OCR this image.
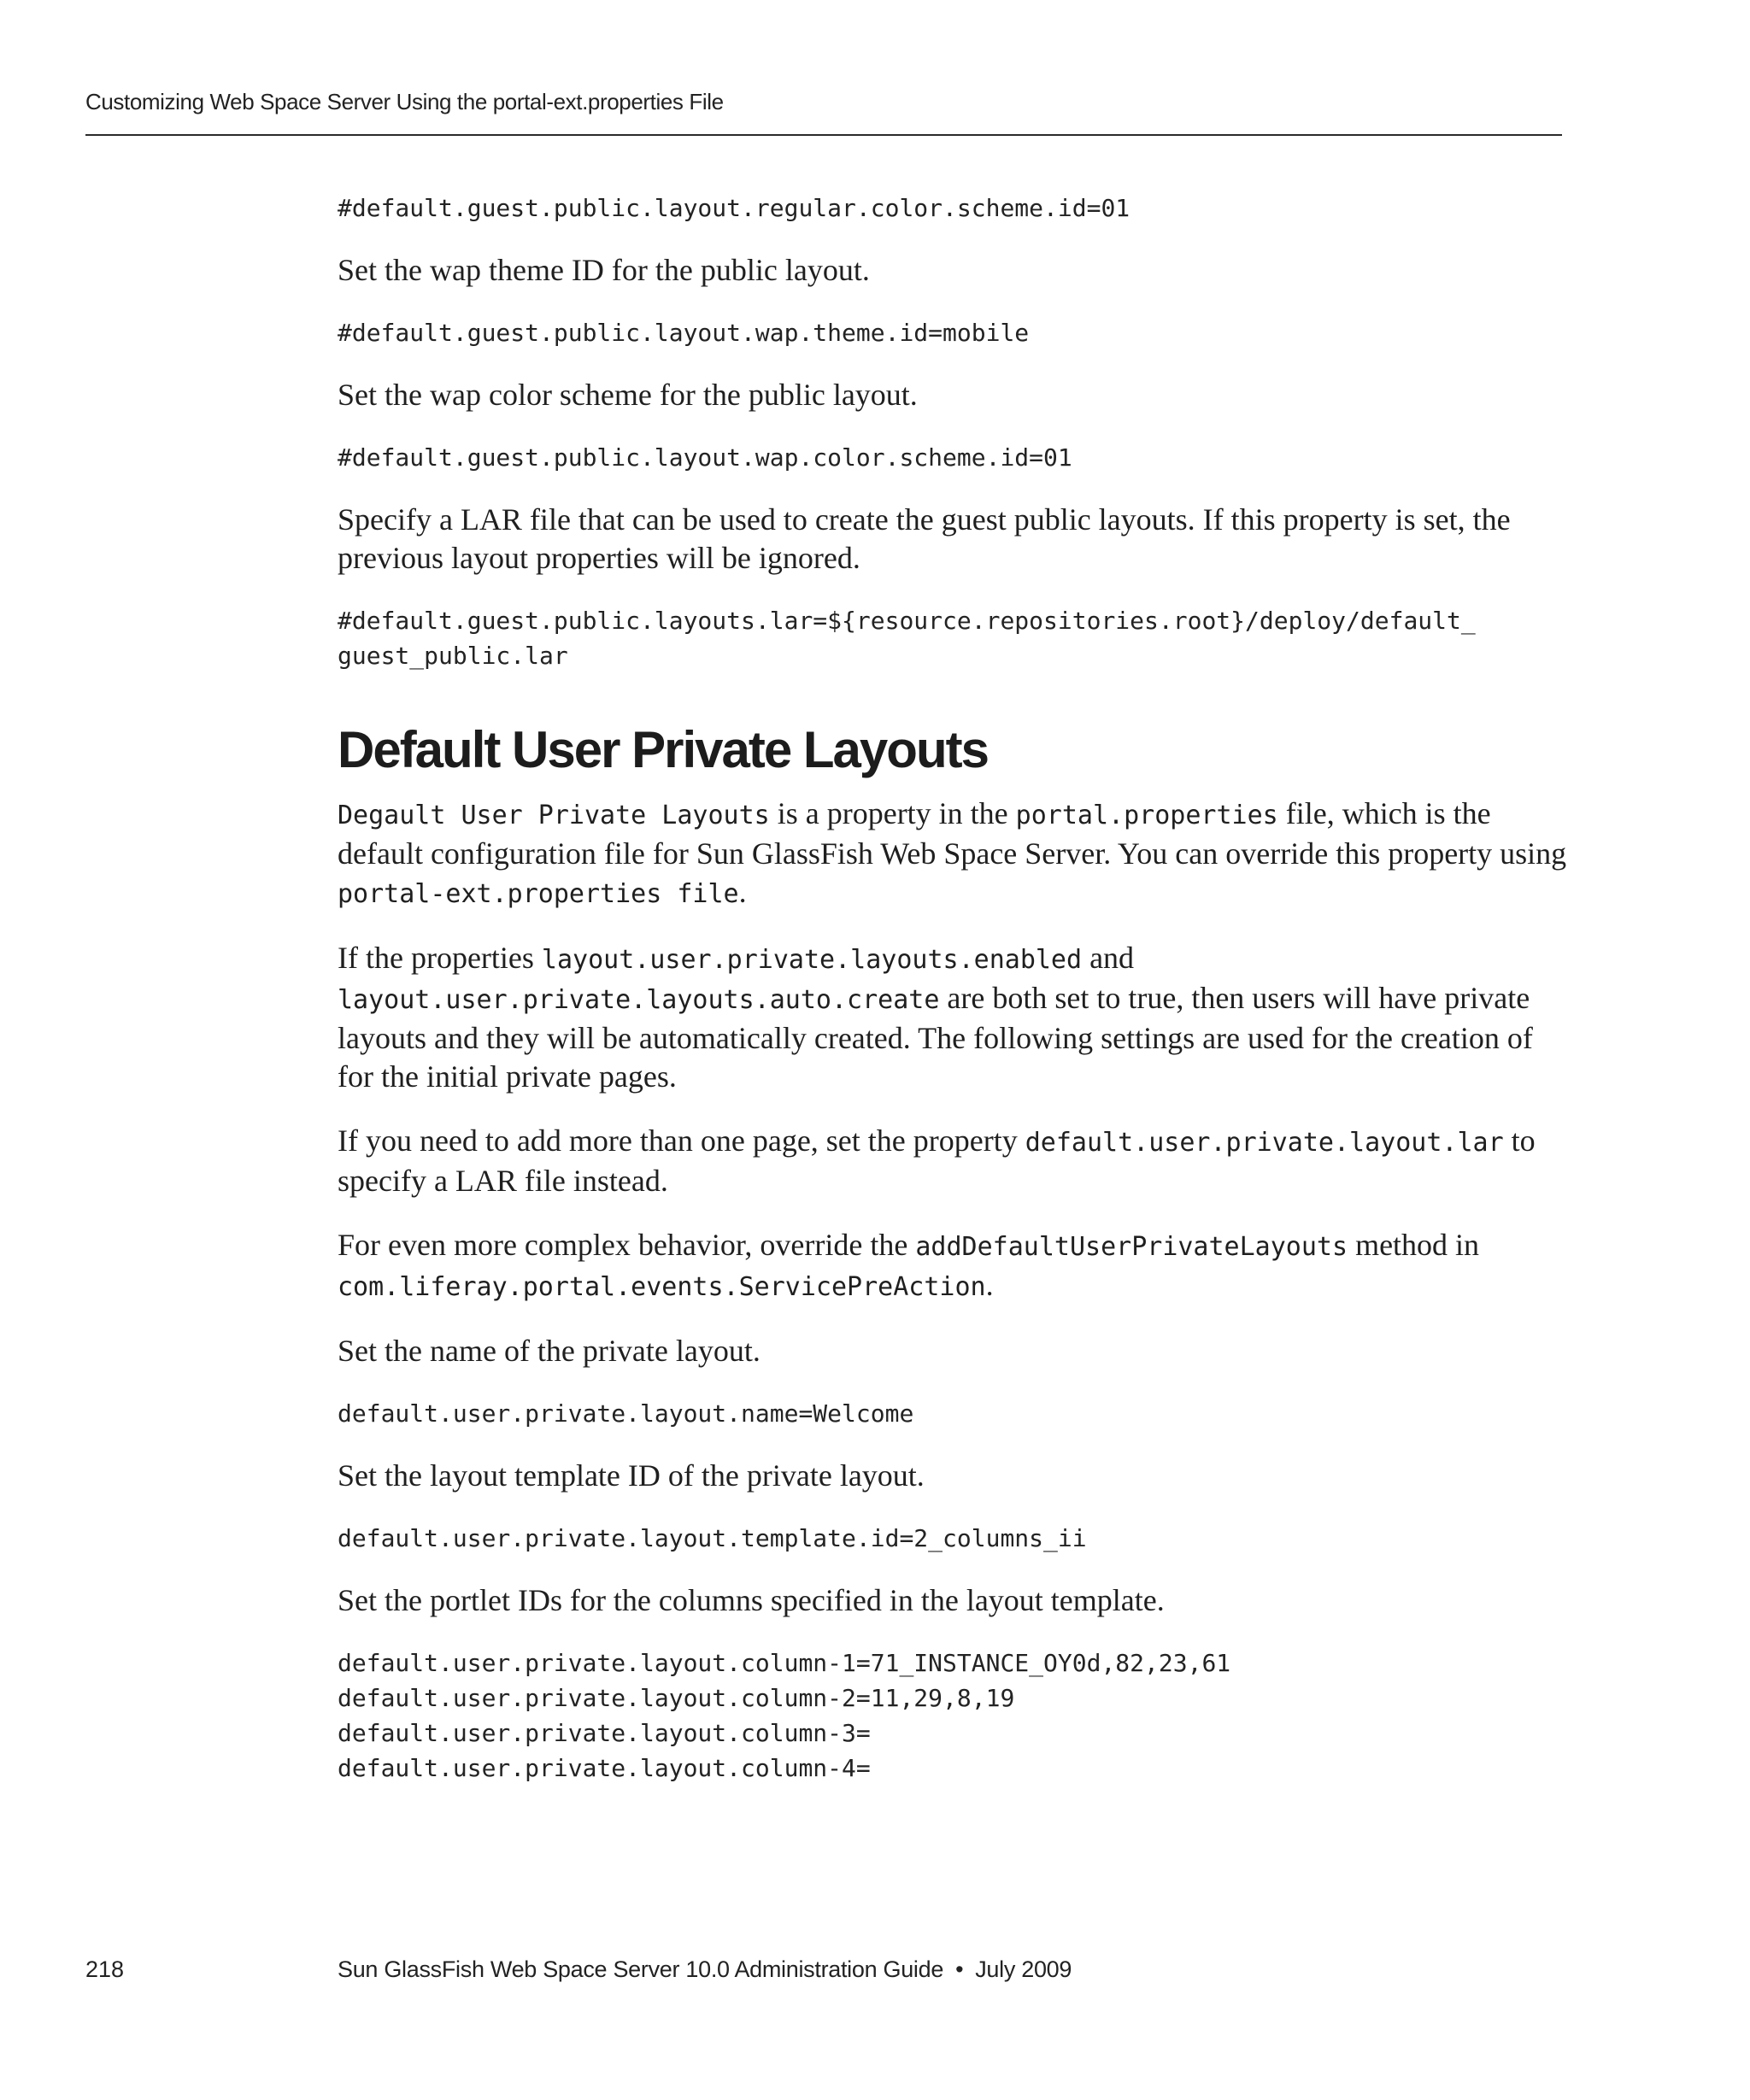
Customizing Web Space Server Using the portal-ext.properties File

#default.guest.public.layout.regular.color.scheme.id=01

Set the wap theme ID for the public layout.

#default.guest.public.layout.wap.theme.id=mobile

Set the wap color scheme for the public layout.

#default.guest.public.layout.wap.color.scheme.id=01

Specify a LAR file that can be used to create the guest public layouts. If this property is set, the previous layout properties will be ignored.

#default.guest.public.layouts.lar=${resource.repositories.root}/deploy/default_

guest_public.lar

Default User Private Layouts

Degault User Private Layouts is a property in the portal.properties file, which is the default configuration file for Sun GlassFish Web Space Server. You can override this property using portal-ext.properties file.

If the properties layout.user.private.layouts.enabled and
layout.user.private.layouts.auto.create are both set to true, then users will have private layouts and they will be automatically created. The following settings are used for the creation of for the initial private pages.

If you need to add more than one page, set the property default.user.private.layout.lar to specify a LAR file instead.

For even more complex behavior, override the addDefaultUserPrivateLayouts method in
com.liferay.portal.events.ServicePreAction.

Set the name of the private layout.

default.user.private.layout.name=Welcome

Set the layout template ID of the private layout.

default.user.private.layout.template.id=2_columns_ii

Set the portlet IDs for the columns specified in the layout template.

default.user.private.layout.column-1=71_INSTANCE_OY0d,82,23,61

default.user.private.layout.column-2=11,29,8,19

default.user.private.layout.column-3=

default.user.private.layout.column-4=

218	Sun GlassFish Web Space Server 10.0 Administration Guide • July 2009
